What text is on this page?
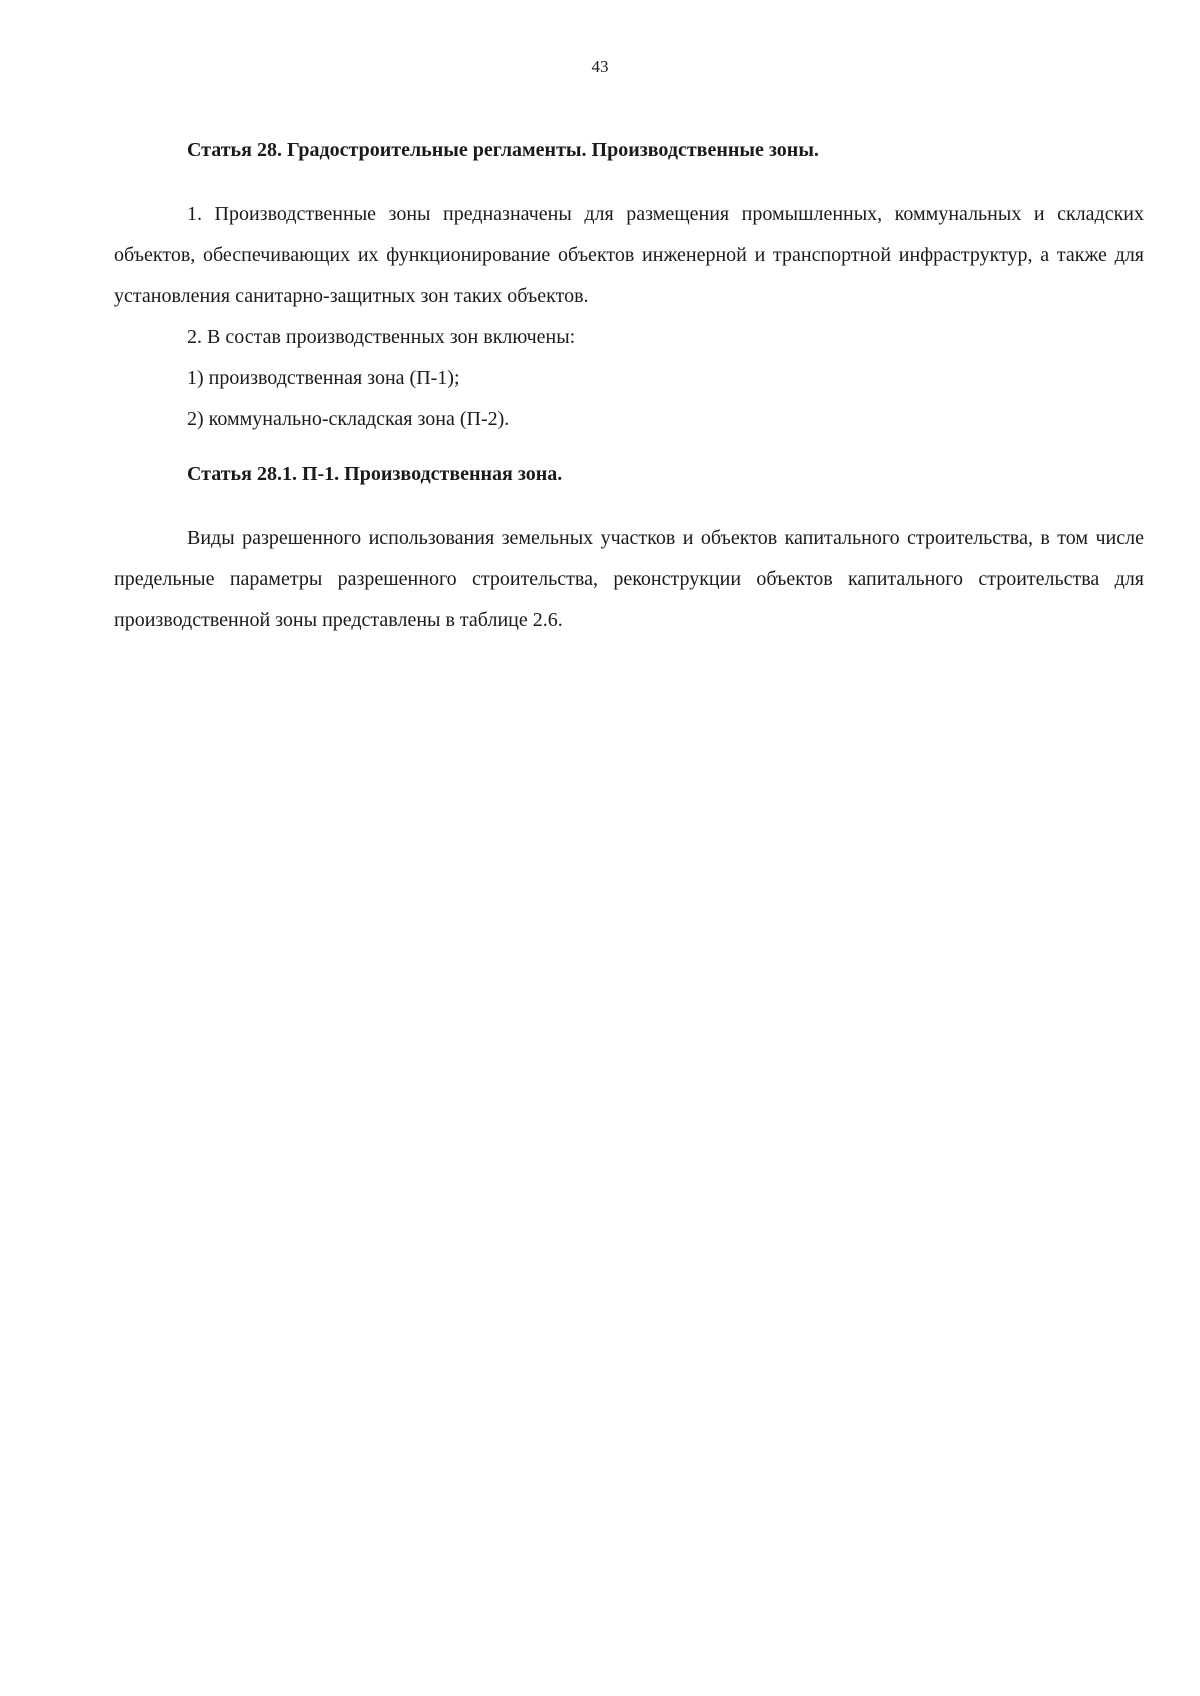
43
Статья 28. Градостроительные регламенты. Производственные зоны.

1. Производственные зоны предназначены для размещения промышленных, коммунальных и складских объектов, обеспечивающих их функционирование объектов инженерной и транспортной инфраструктур, а также для установления санитарно-защитных зон таких объектов.

2. В состав производственных зон включены:

1) производственная зона (П-1);

2) коммунально-складская зона (П-2).

Статья 28.1. П-1. Производственная зона.

Виды разрешенного использования земельных участков и объектов капитального строительства, в том числе предельные параметры разрешенного строительства, реконструкции объектов капитального строительства для производственной зоны представлены в таблице 2.6.
